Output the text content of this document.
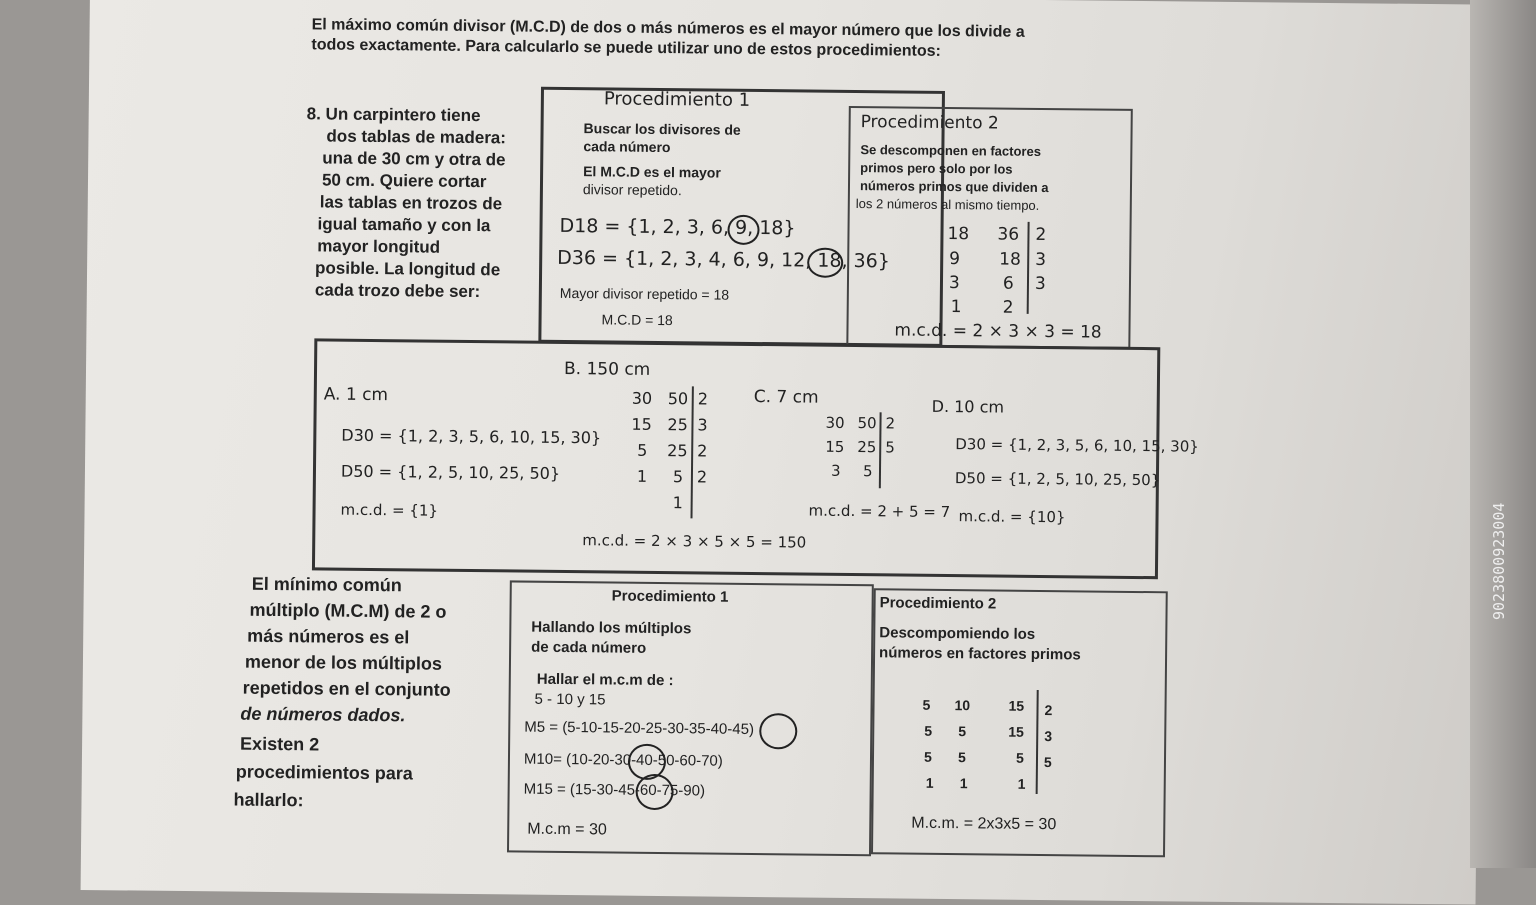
El máximo común divisor (M.C.D) de dos o más números es el mayor número que los divide a
todos exactamente. Para calcularlo se puede utilizar uno de estos procedimientos:
8. Un carpintero tiene
dos tablas de madera:
una de 30 cm y otra de
50 cm. Quiere cortar
las tablas en trozos de
igual tamaño y con la
mayor longitud
posible. La longitud de
cada trozo debe ser:
Procedimiento 1
Buscar los divisores de
cada número
El M.C.D es el mayor
divisor repetido.
D18 = {1, 2, 3, 6, 9, 18}
D36 = {1, 2, 3, 4, 6, 9, 12, 18, 36}
Mayor divisor repetido = 18
M.C.D = 18
Procedimiento 2
Se descomponen en factores
primos pero solo por los
números primos que dividen a
los 2 números al mismo tiempo.
18
9
3
1
36
18
6
2
2
3
3
m.c.d. = 2 × 3 × 3 = 18
B. 150 cm
A. 1 cm
D30 = {1, 2, 3, 5, 6, 10, 15, 30}
D50 = {1, 2, 5, 10, 25, 50}
m.c.d. = {1}
30
15
5
1
50
25
25
5
1
2
3
2
2
m.c.d. = 2 × 3 × 5 × 5 = 150
C. 7 cm
30
15
3
50
25
5
2
5
m.c.d. = 2 + 5 = 7
D. 10 cm
D30 = {1, 2, 3, 5, 6, 10, 15, 30}
D50 = {1, 2, 5, 10, 25, 50}
m.c.d. = {10}
El mínimo común
múltiplo (M.C.M) de 2 o
más números es el
menor de los múltiplos
repetidos en el conjunto
de números dados.
Existen 2
procedimientos para
hallarlo:
Procedimiento 1
Hallando los múltiplos
de cada número
Hallar el m.c.m de :
5 - 10 y 15
M5 = (5-10-15-20-25-30-35-40-45)
M10= (10-20-30-40-50-60-70)
M15 = (15-30-45-60-75-90)
M.c.m = 30
Procedimiento 2
Descompomiendo los
números en factores primos
5
5
5
1
10
5
5
1
15
15
5
1
2
3
5
M.c.m. = 2x3x5 = 30
9023800923004
